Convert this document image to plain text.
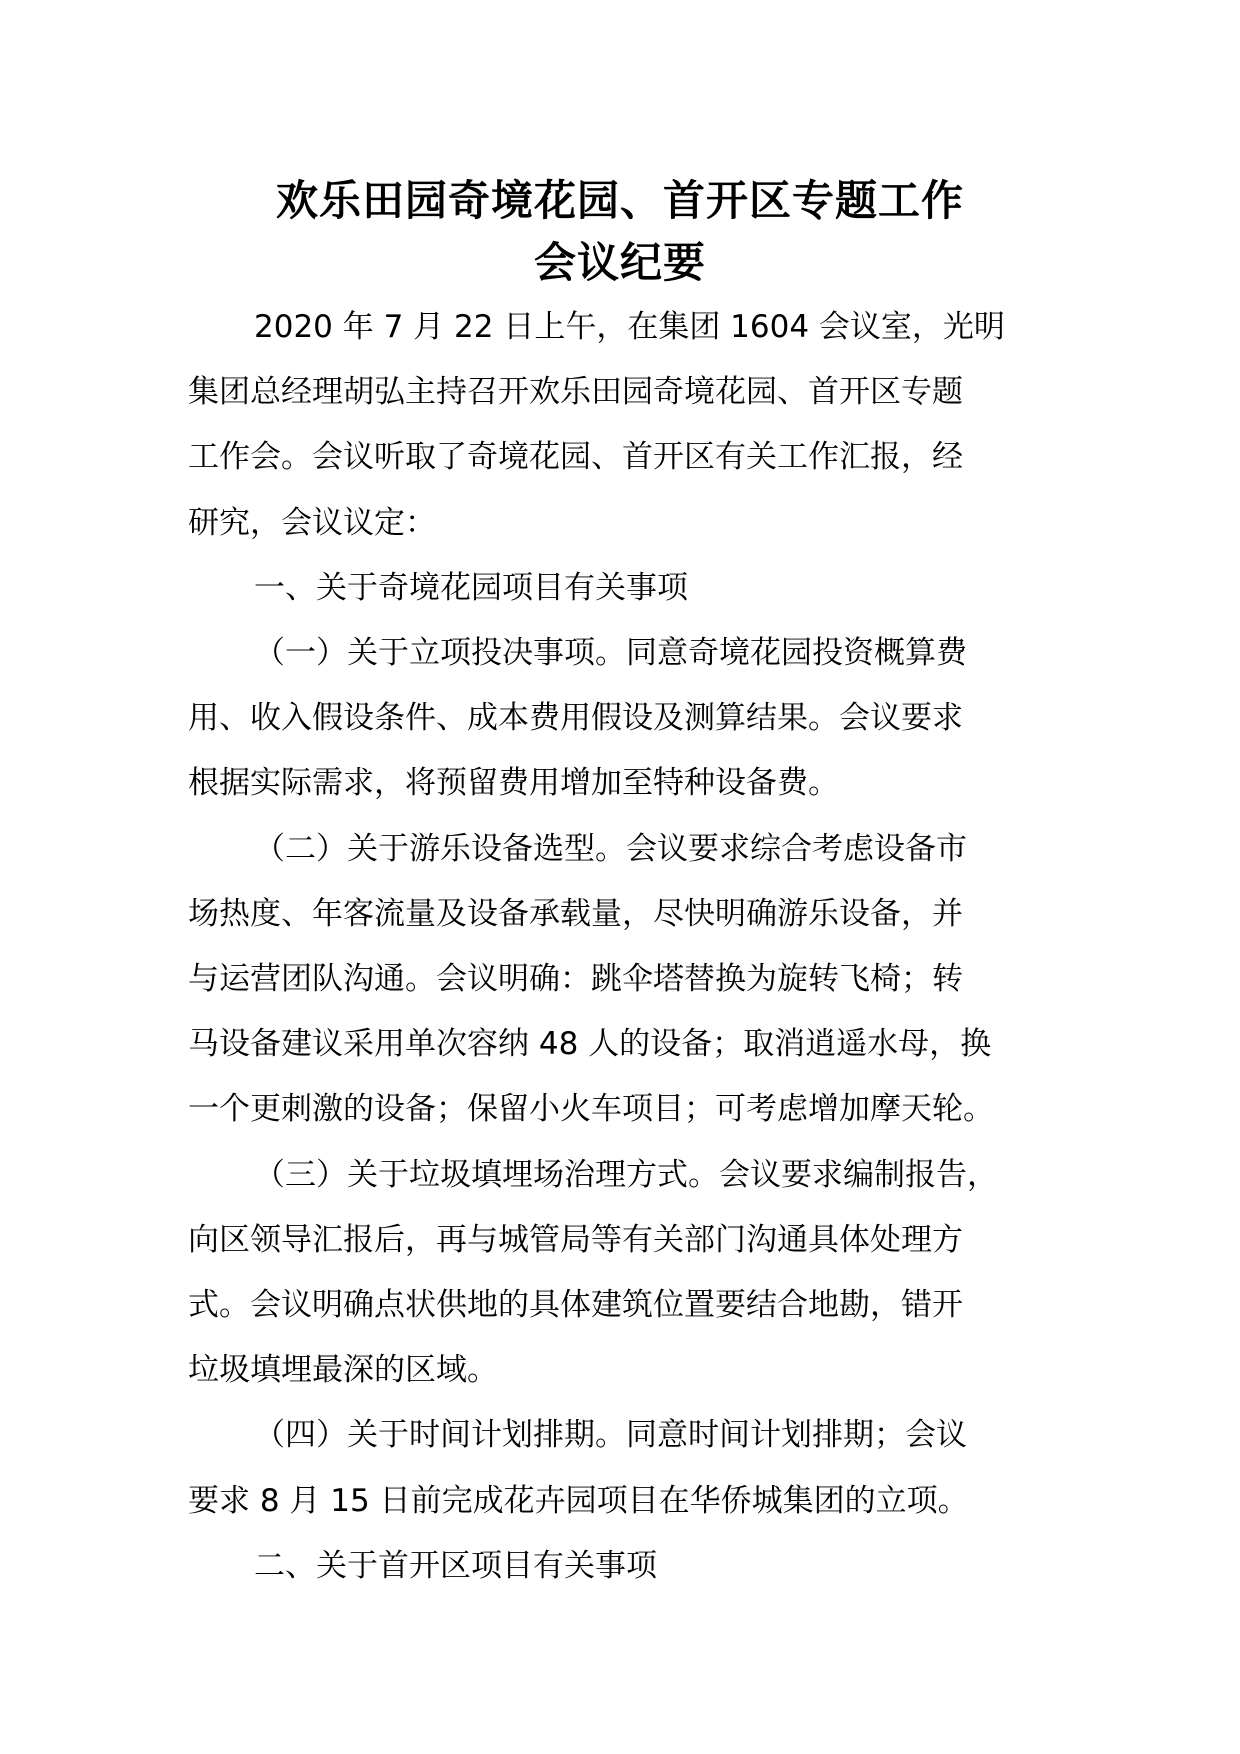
欢乐田园奇境花园、首开区专题工作
会议纪要

2020 年 7 月 22 日上午，在集团 1604 会议室，光明
集团总经理胡弘主持召开欢乐田园奇境花园、首开区专题
工作会。会议听取了奇境花园、首开区有关工作汇报，经
研究，会议议定：

一、关于奇境花园项目有关事项

（一）关于立项投决事项。同意奇境花园投资概算费
用、收入假设条件、成本费用假设及测算结果。会议要求
根据实际需求，将预留费用增加至特种设备费。

（二）关于游乐设备选型。会议要求综合考虑设备市
场热度、年客流量及设备承载量，尽快明确游乐设备，并
与运营团队沟通。会议明确：跳伞塔替换为旋转飞椅；转
马设备建议采用单次容纳 48 人的设备；取消逍遥水母，换
一个更刺激的设备；保留小火车项目；可考虑增加摩天轮。

（三）关于垃圾填埋场治理方式。会议要求编制报告，
向区领导汇报后，再与城管局等有关部门沟通具体处理方
式。会议明确点状供地的具体建筑位置要结合地勘，错开
垃圾填埋最深的区域。

（四）关于时间计划排期。同意时间计划排期；会议
要求 8 月 15 日前完成花卉园项目在华侨城集团的立项。

二、关于首开区项目有关事项
